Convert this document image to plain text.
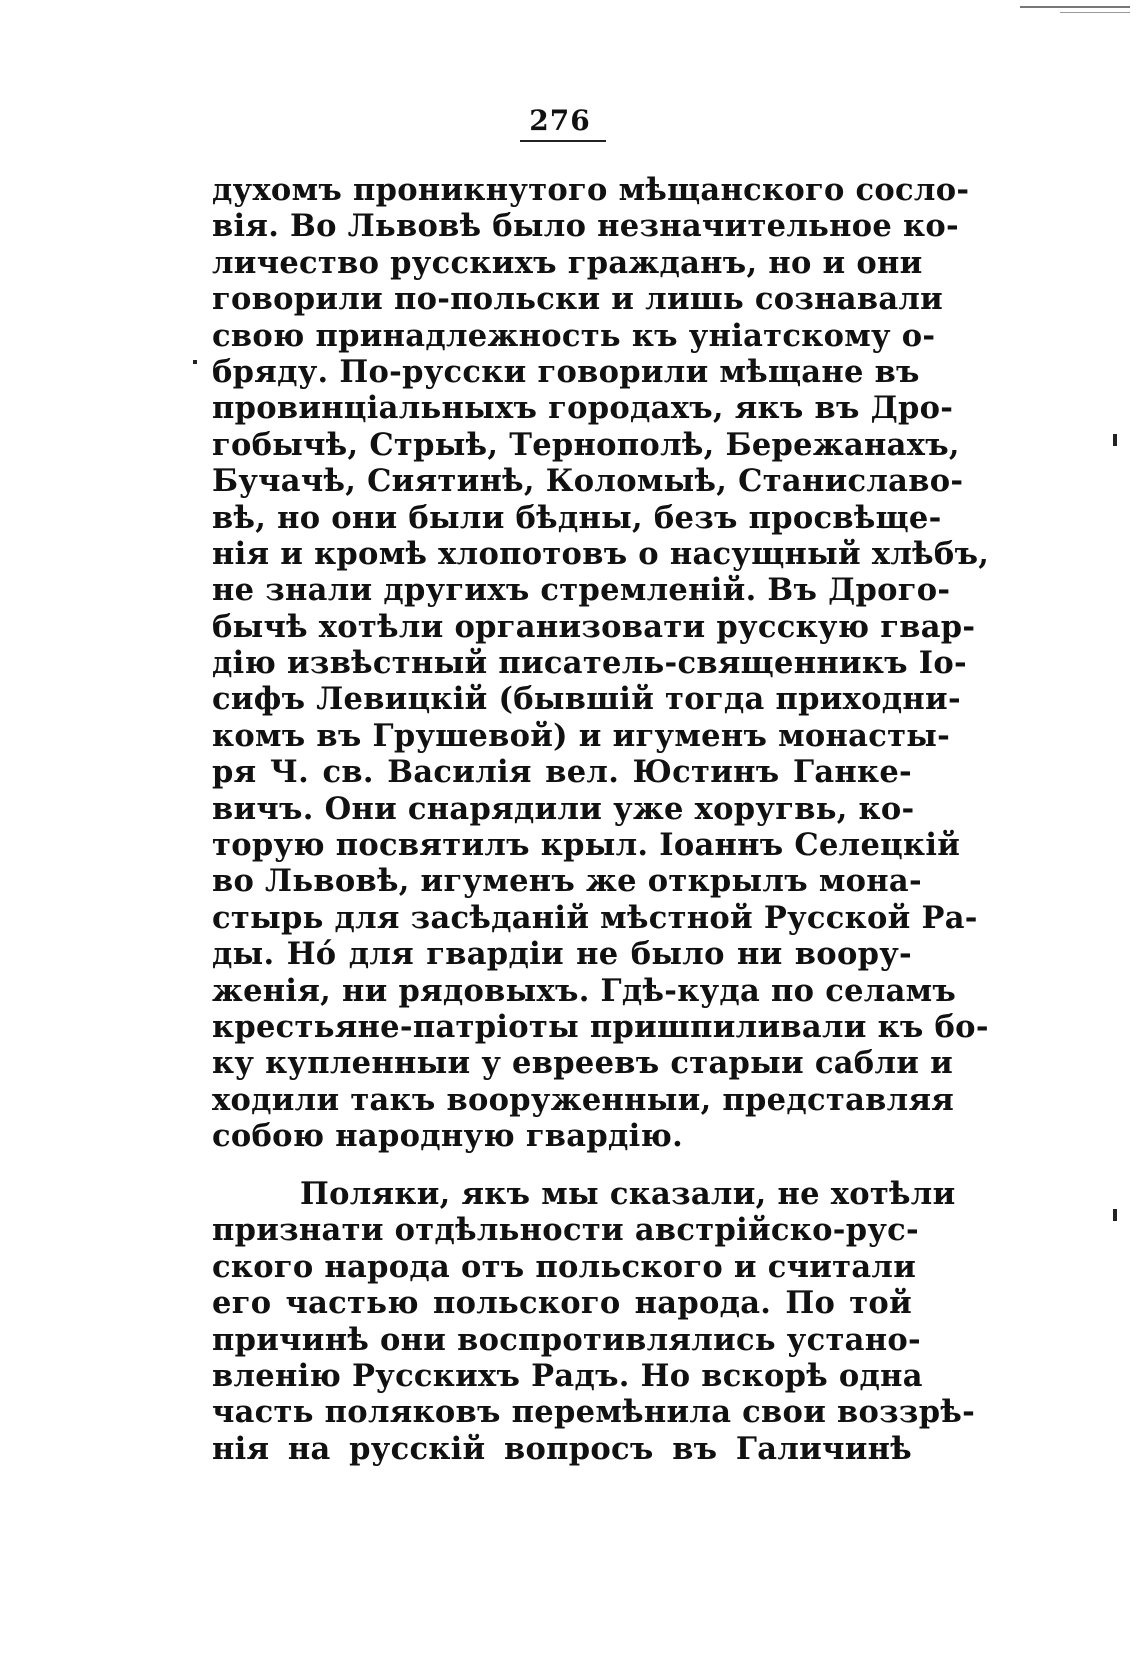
276
духомъ проникнутого мѣщанского сосло-
вія. Во Львовѣ было незначительное ко-
личество русскихъ гражданъ, но и они
говорили по-польски и лишь сознавали
свою принадлежность къ уніатскому о-
бряду. По-русски говорили мѣщане въ
провинціальныхъ городахъ, якъ въ Дро-
гобычѣ, Стрыѣ, Тернополѣ, Бережанахъ,
Бучачѣ, Сиятинѣ, Коломыѣ, Станиславо-
вѣ, но они были бѣдны, безъ просвѣще-
нія и кромѣ хлопотовъ о насущный хлѣбъ,
не знали другихъ стремленій. Въ Дрого-
бычѣ хотѣли организовати русскую гвар-
дію извѣстный писатель-священникъ Іо-
сифъ Левицкій (бывшій тогда приходни-
комъ въ Грушевой) и игуменъ монасты-
ря Ч. св. Василія вел. Юстинъ Ганке-
вичъ. Они снарядили уже хоругвь, ко-
торую посвятилъ крыл. Іоаннъ Селецкій
во Львовѣ, игуменъ же открылъ мона-
стырь для засѣданій мѣстной Русской Ра-
ды. Но́ для гвардіи не было ни воору-
женія, ни рядовыхъ. Гдѣ-куда по селамъ
крестьяне-патріоты пришпиливали къ бо-
ку купленныи у евреевъ старыи сабли и
ходили такъ вооруженныи, представляя
собою народную гвардію.
Поляки, якъ мы сказали, не хотѣли
признати отдѣльности австрійско-рус-
ского народа отъ польского и считали
его частью польского народа. По той
причинѣ они воспротивлялись устано-
вленію Русскихъ Радъ. Но вскорѣ одна
часть поляковъ перемѣнила свои воззрѣ-
нія на русскій вопросъ въ Галичинѣ
